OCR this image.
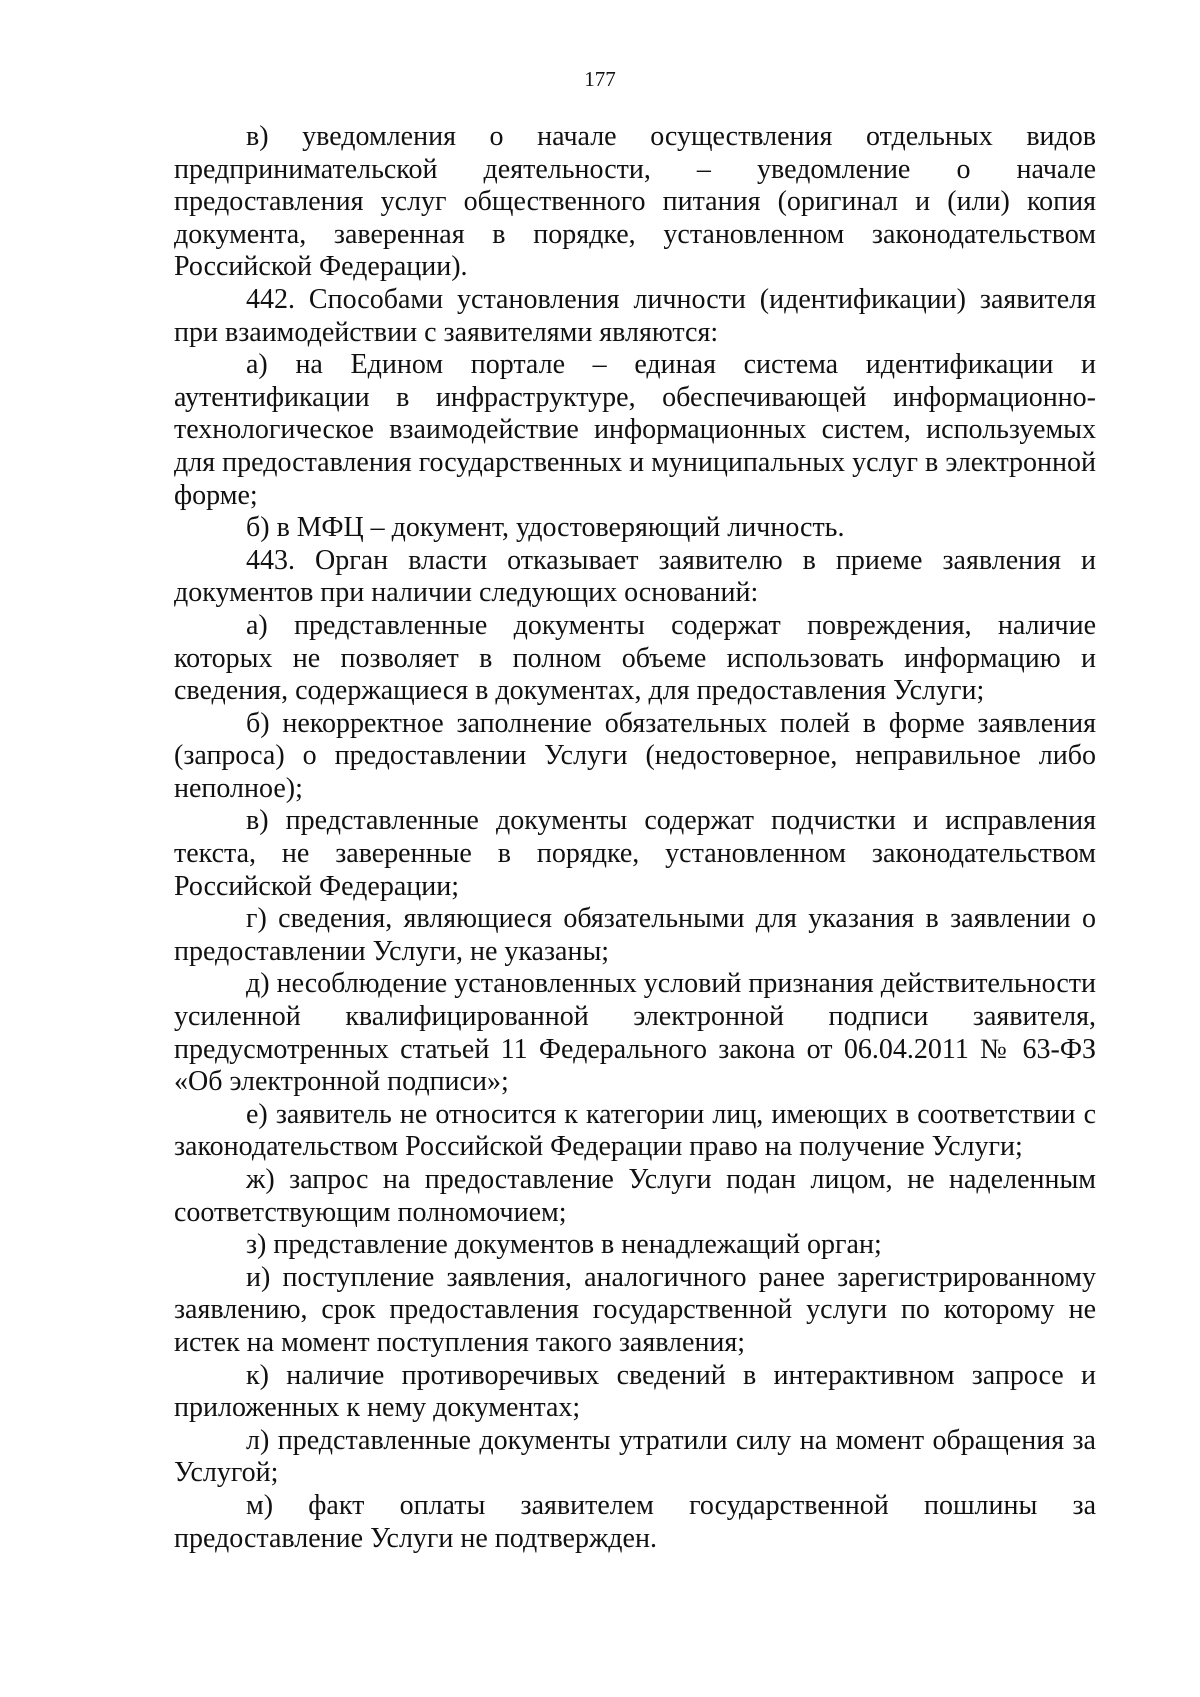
177

в) уведомления о начале осуществления отдельных видов предпринимательской деятельности, – уведомление о начале предоставления услуг общественного питания (оригинал и (или) копия документа, заверенная в порядке, установленном законодательством Российской Федерации).

442. Способами установления личности (идентификации) заявителя при взаимодействии с заявителями являются:

а) на Едином портале – единая система идентификации и аутентификации в инфраструктуре, обеспечивающей информационно-технологическое взаимодействие информационных систем, используемых для предоставления государственных и муниципальных услуг в электронной форме;

б) в МФЦ – документ, удостоверяющий личность.

443. Орган власти отказывает заявителю в приеме заявления и документов при наличии следующих оснований:

а) представленные документы содержат повреждения, наличие которых не позволяет в полном объеме использовать информацию и сведения, содержащиеся в документах, для предоставления Услуги;

б) некорректное заполнение обязательных полей в форме заявления (запроса) о предоставлении Услуги (недостоверное, неправильное либо неполное);

в) представленные документы содержат подчистки и исправления текста, не заверенные в порядке, установленном законодательством Российской Федерации;

г) сведения, являющиеся обязательными для указания в заявлении о предоставлении Услуги, не указаны;

д) несоблюдение установленных условий признания действительности усиленной квалифицированной электронной подписи заявителя, предусмотренных статьей 11 Федерального закона от 06.04.2011 № 63-ФЗ «Об электронной подписи»;

е) заявитель не относится к категории лиц, имеющих в соответствии с законодательством Российской Федерации право на получение Услуги;

ж) запрос на предоставление Услуги подан лицом, не наделенным соответствующим полномочием;

з) представление документов в ненадлежащий орган;

и) поступление заявления, аналогичного ранее зарегистрированному заявлению, срок предоставления государственной услуги по которому не истек на момент поступления такого заявления;

к) наличие противоречивых сведений в интерактивном запросе и приложенных к нему документах;

л) представленные документы утратили силу на момент обращения за Услугой;

м) факт оплаты заявителем государственной пошлины за предоставление Услуги не подтвержден.
